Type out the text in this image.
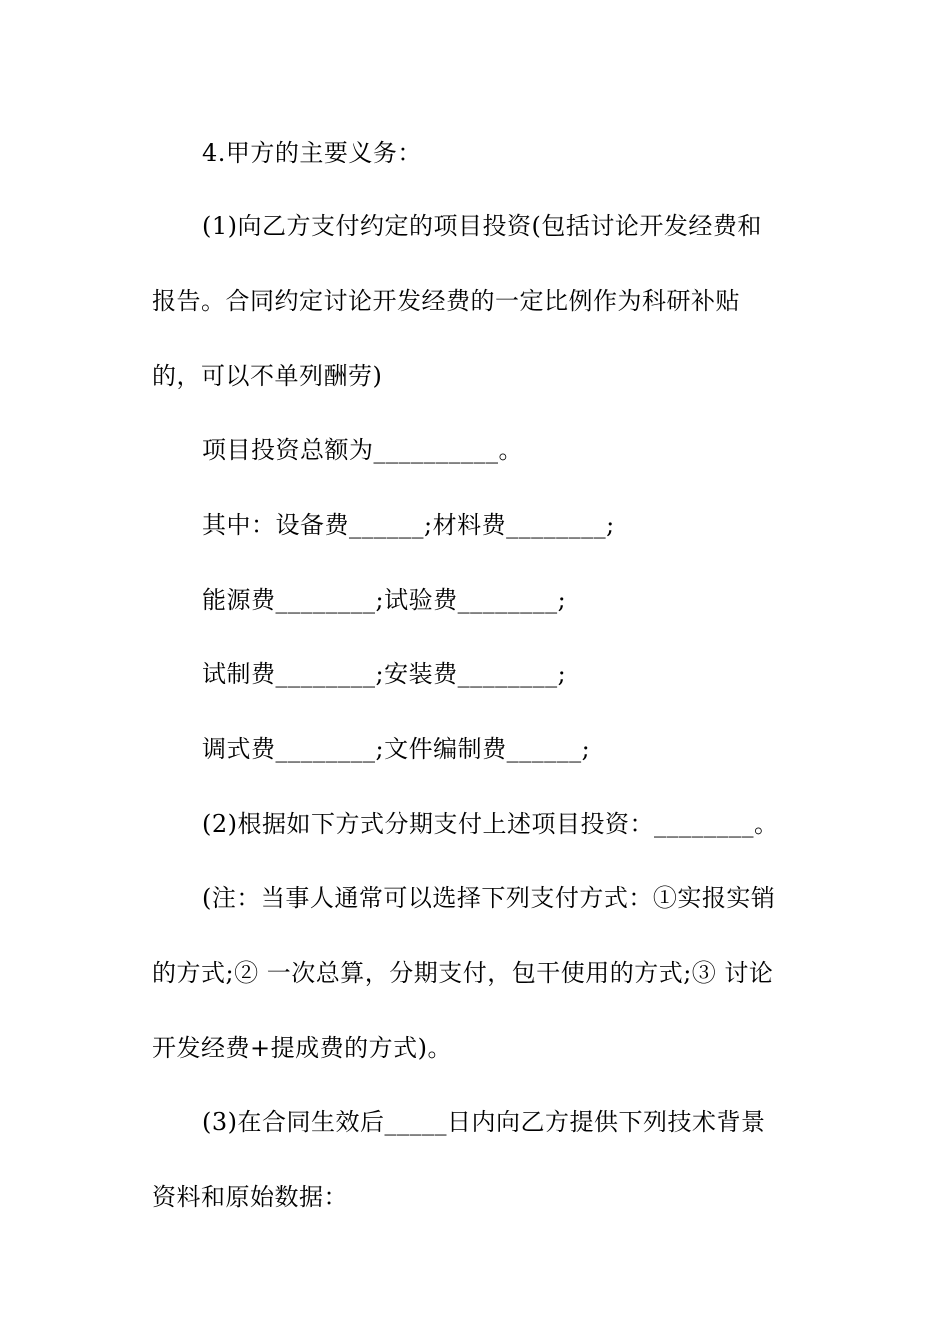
4.甲方的主要义务：
(1)向乙方支付约定的项目投资(包括讨论开发经费和
报告。合同约定讨论开发经费的一定比例作为科研补贴
的，可以不单列酬劳)
项目投资总额为__________。
其中：设备费______;材料费________;
能源费________;试验费________;
试制费________;安装费________;
调式费________;文件编制费______;
(2)根据如下方式分期支付上述项目投资：________。
(注：当事人通常可以选择下列支付方式：①实报实销
的方式;② 一次总算，分期支付，包干使用的方式;③ 讨论
开发经费+提成费的方式)。
(3)在合同生效后_____日内向乙方提供下列技术背景
资料和原始数据：
